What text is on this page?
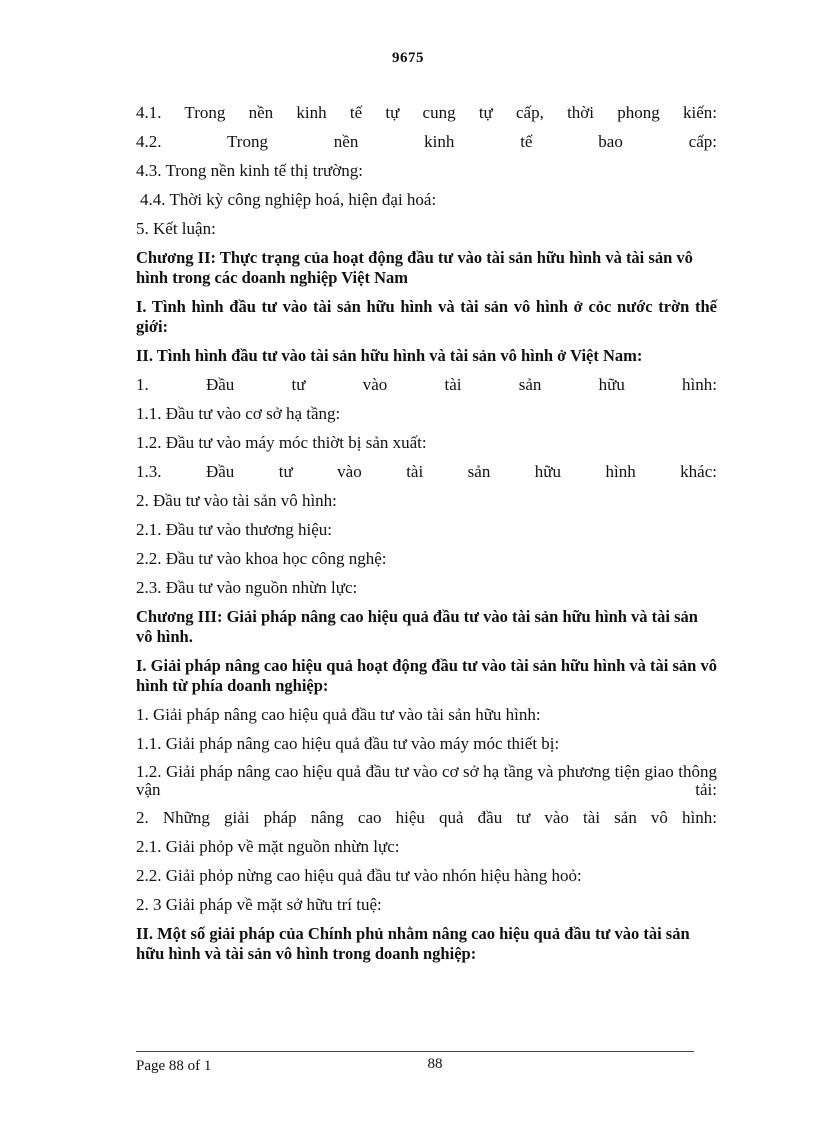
9675
4.1. Trong nền kinh tế tự cung tự cấp, thời phong kiến:
4.2. Trong nền kinh tế bao cấp:
4.3. Trong nền kinh tế thị trường:
4.4. Thời kỳ công nghiệp hoá, hiện đại hoá:
5. Kết luận:
Chương II: Thực trạng của hoạt động đầu tư vào tài sản hữu hình và tài sản vô hình trong các doanh nghiệp Việt Nam
I. Tình hình đầu tư vào tài sản hữu hình và tài sản vô hình ở cỏc nước trờn thế giới:
II. Tình hình đầu tư vào tài sản hữu hình và tài sản vô hình ở Việt Nam:
1. Đầu tư vào tài sản hữu hình:
1.1. Đầu tư vào cơ sở hạ tầng:
1.2. Đầu tư vào máy móc thiờt bị sản xuất:
1.3. Đầu tư vào tài sản hữu hình khác:
2. Đầu tư vào tài sản vô hình:
2.1. Đầu tư vào thương hiệu:
2.2. Đầu tư vào khoa học công nghệ:
2.3. Đầu tư vào nguồn nhừn lực:
Chương III: Giải pháp nâng cao hiệu quả đầu tư vào tài sản hữu hình và tài sản vô hình.
I. Giải pháp nâng cao hiệu quả hoạt động đầu tư vào tài sản hữu hình và tài sản vô hình từ phía doanh nghiệp:
1. Giải pháp nâng cao hiệu quả đầu tư vào tài sản hữu hình:
1.1. Giải pháp nâng cao hiệu quả đầu tư vào máy móc thiết bị:
1.2. Giải pháp nâng cao hiệu quả đầu tư vào cơ sở hạ tầng và phương tiện giao thông vận tải:
2. Những giải pháp nâng cao hiệu quả đầu tư vào tài sản vô hình:
2.1. Giải phỏp về mặt nguồn nhừn lực:
2.2. Giải phỏp nừng cao hiệu quả đầu tư vào nhón hiệu hàng hoỏ:
2. 3 Giải pháp về mặt sở hữu trí tuệ:
II. Một số giải pháp của Chính phủ nhằm nâng cao hiệu quả đầu tư vào tài sản hữu hình và tài sản vô hình trong doanh nghiệp:
Page 88 of 1	88
